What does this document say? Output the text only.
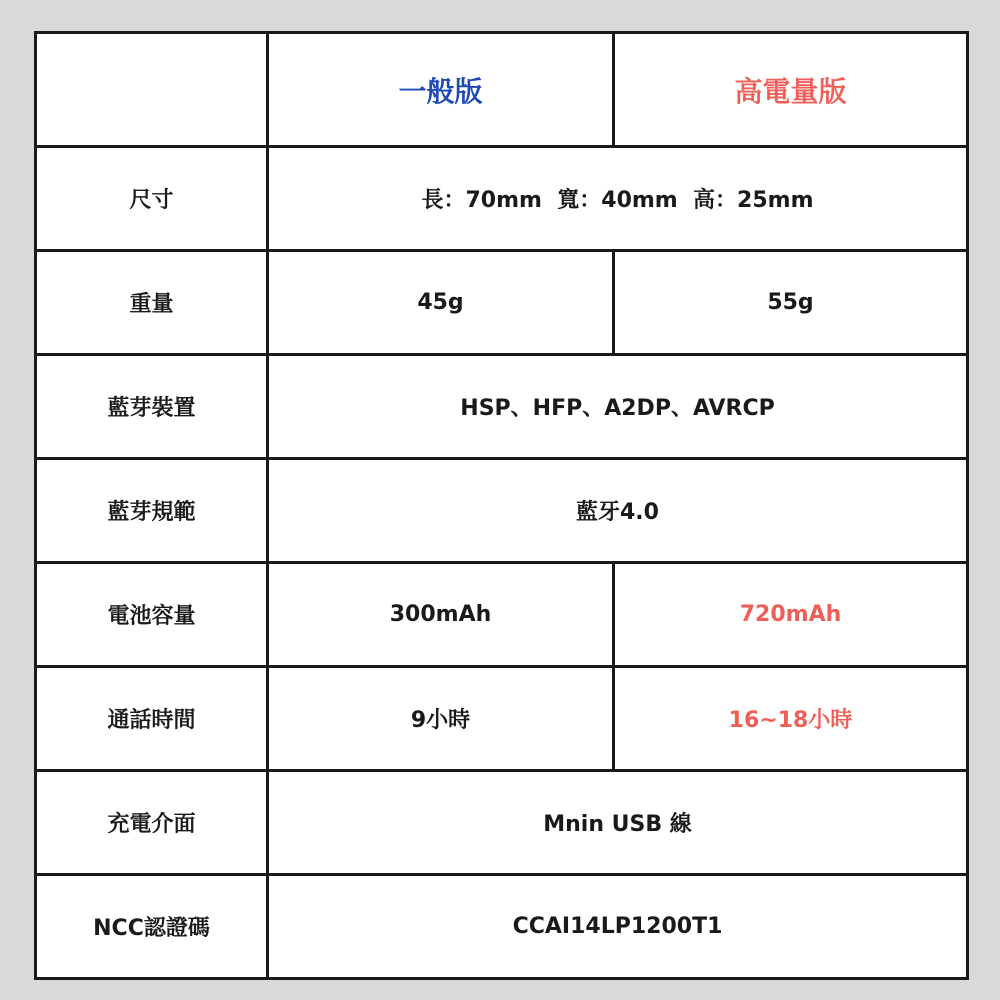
	一般版	高電量版
尺寸	長：70mm  寬：40mm  高：25mm	
重量	45g	55g
藍芽裝置	HSP、HFP、A2DP、AVRCP	
藍芽規範	藍牙4.0	
電池容量	300mAh	720mAh
通話時間	9小時	16~18小時
充電介面	Mnin USB 線	
NCC認證碼	CCAI14LP1200T1	
